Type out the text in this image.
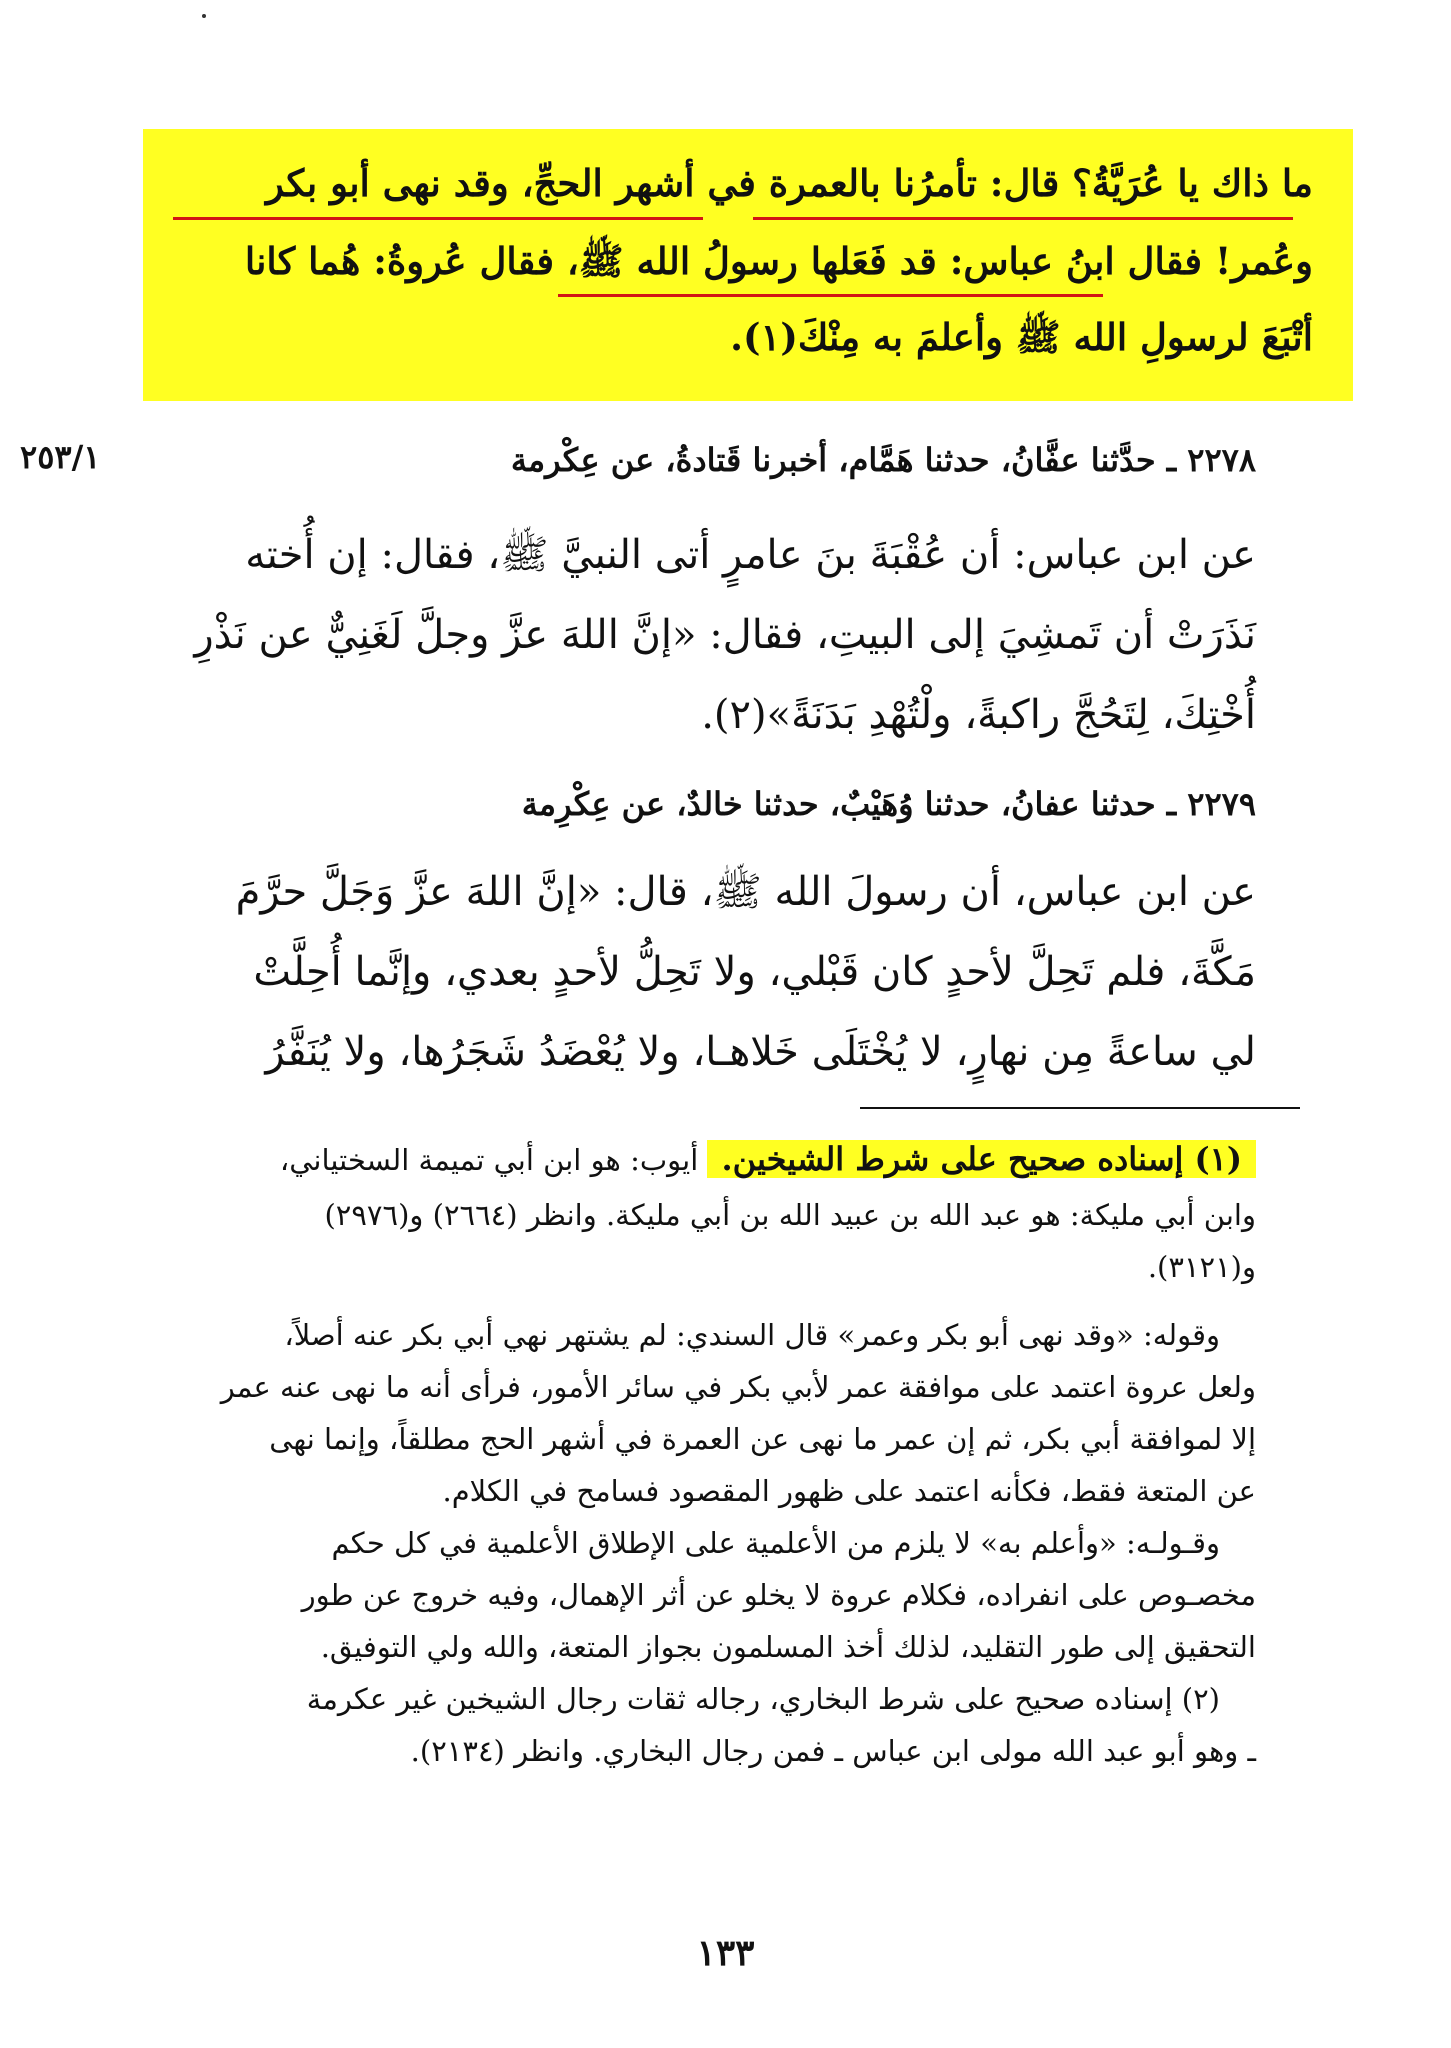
ما ذاك يا عُرَيَّةُ؟ قال: تأمرُنا بالعمرة في أشهر الحجِّ، وقد نهى أبو بكر
وعُمر! فقال ابنُ عباس: قد فَعَلها رسولُ الله ﷺ، فقال عُروةُ: هُما كانا
أتْبَعَ لرسولِ الله ﷺ وأعلمَ به مِنْكَ(١).
٢٥٣/١	٢٢٧٨ ـ حدَّثنا عفَّانُ، حدثنا هَمَّام، أخبرنا قَتادةُ، عن عِكْرمة
عن ابن عباس: أن عُقْبَةَ بنَ عامرٍ أتى النبيَّ ﷺ، فقال: إن أُخته
نَذَرَتْ أن تَمشِيَ إلى البيتِ، فقال: «إنَّ اللهَ عزَّ وجلَّ لَغَنِيٌّ عن نَذْرِ
أُخْتِكَ، لِتَحُجَّ راكبةً، ولْتُهْدِ بَدَنَةً»(٢).
٢٢٧٩ ـ حدثنا عفانُ، حدثنا وُهَيْبٌ، حدثنا خالدٌ، عن عِكْرِمة
عن ابن عباس، أن رسولَ الله ﷺ، قال: «إنَّ اللهَ عزَّ وَجَلَّ حرَّمَ
مَكَّةَ، فلم تَحِلَّ لأحدٍ كان قَبْلي، ولا تَحِلُّ لأحدٍ بعدي، وإنَّما أُحِلَّتْ
لي ساعةً مِن نهارٍ، لا يُخْتَلَى خَلاهـا، ولا يُعْضَدُ شَجَرُها، ولا يُنَفَّرُ
(١) إسناده صحيح على شرط الشيخين. أيوب: هو ابن أبي تميمة السختياني،
وابن أبي مليكة: هو عبد الله بن عبيد الله بن أبي مليكة. وانظر (٢٦٦٤) و(٢٩٧٦)
و(٣١٢١).
وقوله: «وقد نهى أبو بكر وعمر» قال السندي: لم يشتهر نهي أبي بكر عنه أصلاً،
ولعل عروة اعتمد على موافقة عمر لأبي بكر في سائر الأمور، فرأى أنه ما نهى عنه عمر
إلا لموافقة أبي بكر، ثم إن عمر ما نهى عن العمرة في أشهر الحج مطلقاً، وإنما نهى
عن المتعة فقط، فكأنه اعتمد على ظهور المقصود فسامح في الكلام.
وقـولـه: «وأعلم به» لا يلزم من الأعلمية على الإطلاق الأعلمية في كل حكم
مخصـوص على انفراده، فكلام عروة لا يخلو عن أثر الإهمال، وفيه خروج عن طور
التحقيق إلى طور التقليد، لذلك أخذ المسلمون بجواز المتعة، والله ولي التوفيق.
(٢) إسناده صحيح على شرط البخاري، رجاله ثقات رجال الشيخين غير عكرمة
ـ وهو أبو عبد الله مولى ابن عباس ـ فمن رجال البخاري. وانظر (٢١٣٤).
١٣٣
